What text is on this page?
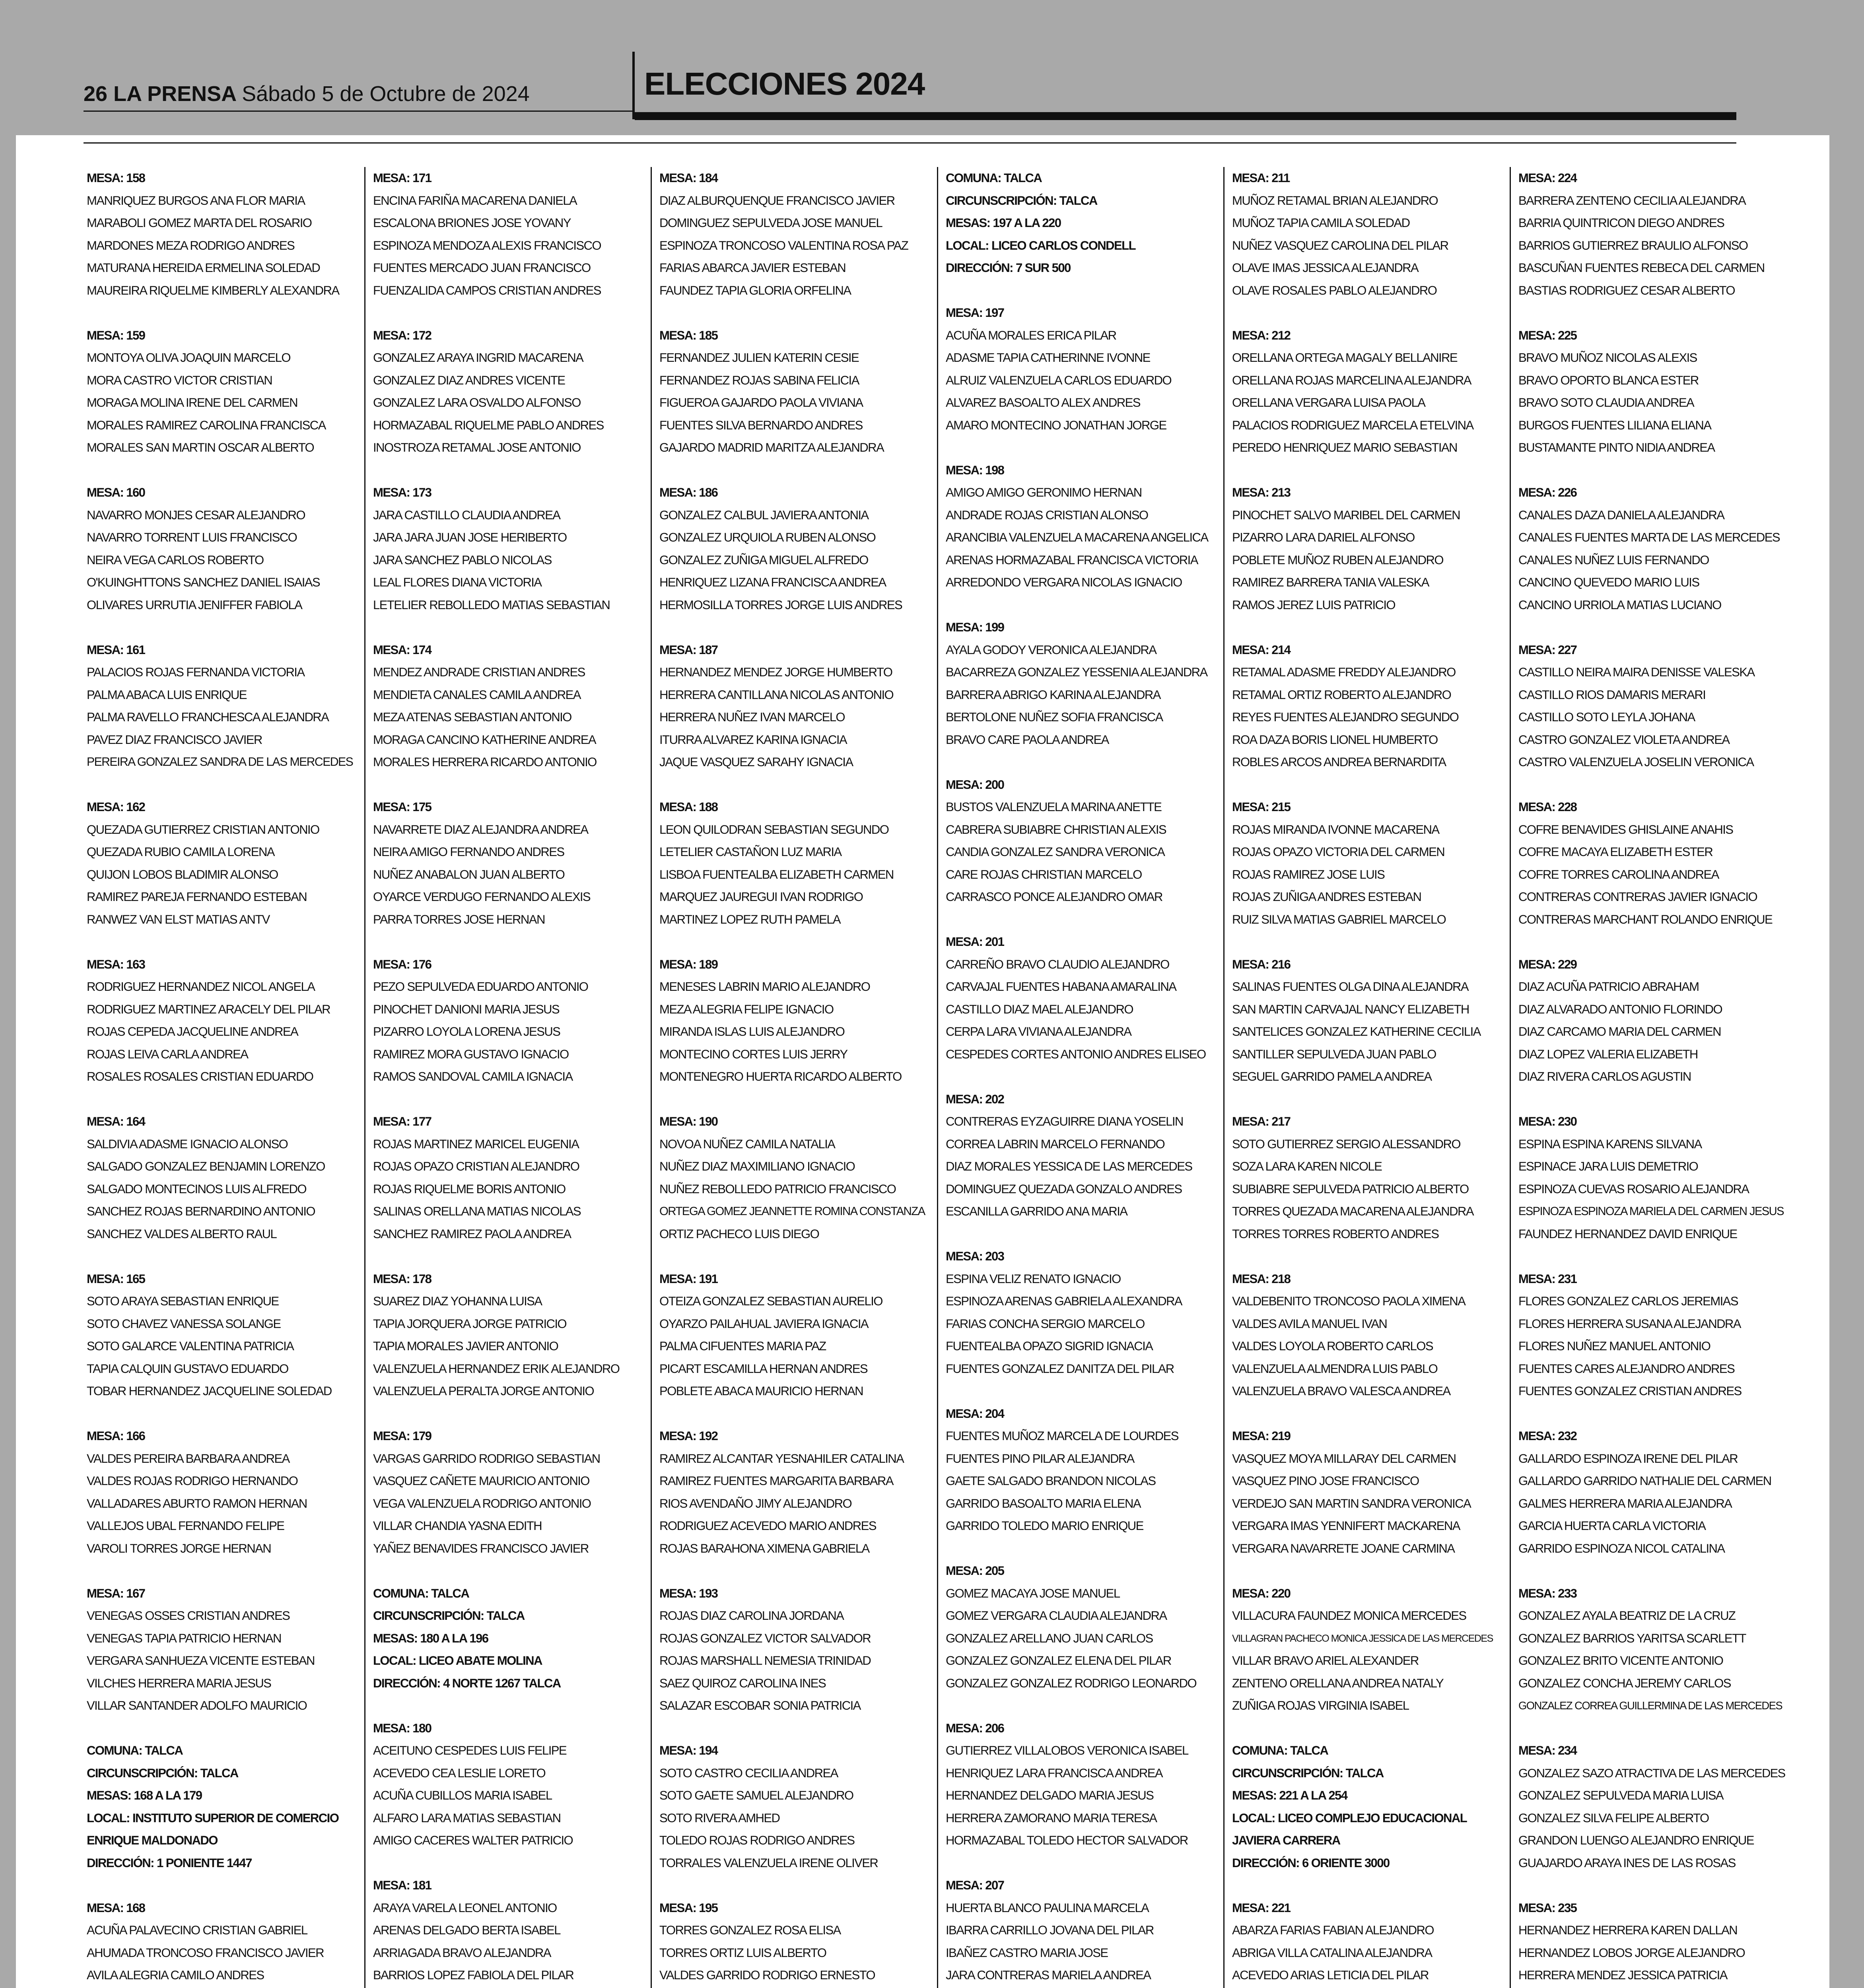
26 LA PRENSA Sábado 5 de Octubre de 2024	ELECCIONES 2024
MESA: 158
MANRIQUEZ BURGOS ANA FLOR MARIA
MARABOLI GOMEZ MARTA DEL ROSARIO
MARDONES MEZA RODRIGO ANDRES
MATURANA HEREIDA ERMELINA SOLEDAD
MAUREIRA RIQUELME KIMBERLY ALEXANDRA
MESA: 159
MONTOYA OLIVA JOAQUIN MARCELO
MORA CASTRO VICTOR CRISTIAN
MORAGA MOLINA IRENE DEL CARMEN
MORALES RAMIREZ CAROLINA FRANCISCA
MORALES SAN MARTIN OSCAR ALBERTO
MESA: 160
NAVARRO MONJES CESAR ALEJANDRO
NAVARRO TORRENT LUIS FRANCISCO
NEIRA VEGA CARLOS ROBERTO
O'KUINGHTTONS SANCHEZ DANIEL ISAIAS
OLIVARES URRUTIA JENIFFER FABIOLA
MESA: 161
PALACIOS ROJAS FERNANDA VICTORIA
PALMA ABACA LUIS ENRIQUE
PALMA RAVELLO FRANCHESCA ALEJANDRA
PAVEZ DIAZ FRANCISCO JAVIER
PEREIRA GONZALEZ SANDRA DE LAS MERCEDES
MESA: 162
QUEZADA GUTIERREZ CRISTIAN ANTONIO
QUEZADA RUBIO CAMILA LORENA
QUIJON LOBOS BLADIMIR ALONSO
RAMIREZ PAREJA FERNANDO ESTEBAN
RANWEZ VAN ELST MATIAS ANTV
MESA: 163
RODRIGUEZ HERNANDEZ NICOL ANGELA
RODRIGUEZ MARTINEZ ARACELY DEL PILAR
ROJAS CEPEDA JACQUELINE ANDREA
ROJAS LEIVA CARLA ANDREA
ROSALES ROSALES CRISTIAN EDUARDO
MESA: 164
SALDIVIA ADASME IGNACIO ALONSO
SALGADO GONZALEZ BENJAMIN LORENZO
SALGADO MONTECINOS LUIS ALFREDO
SANCHEZ ROJAS BERNARDINO ANTONIO
SANCHEZ VALDES ALBERTO RAUL
MESA: 165
SOTO ARAYA SEBASTIAN ENRIQUE
SOTO CHAVEZ VANESSA SOLANGE
SOTO GALARCE VALENTINA PATRICIA
TAPIA CALQUIN GUSTAVO EDUARDO
TOBAR HERNANDEZ JACQUELINE SOLEDAD
MESA: 166
VALDES PEREIRA BARBARA ANDREA
VALDES ROJAS RODRIGO HERNANDO
VALLADARES ABURTO RAMON HERNAN
VALLEJOS UBAL FERNANDO FELIPE
VAROLI TORRES JORGE HERNAN
MESA: 167
VENEGAS OSSES CRISTIAN ANDRES
VENEGAS TAPIA PATRICIO HERNAN
VERGARA SANHUEZA VICENTE ESTEBAN
VILCHES HERRERA MARIA JESUS
VILLAR SANTANDER ADOLFO MAURICIO
COMUNA: TALCA
CIRCUNSCRIPCIÓN: TALCA
MESAS: 168 A LA 179
LOCAL: INSTITUTO SUPERIOR DE COMERCIO
ENRIQUE MALDONADO
DIRECCIÓN: 1 PONIENTE 1447
MESA: 168
ACUÑA PALAVECINO CRISTIAN GABRIEL
AHUMADA TRONCOSO FRANCISCO JAVIER
AVILA ALEGRIA CAMILO ANDRES
MESA: 171
ENCINA FARIÑA MACARENA DANIELA
ESCALONA BRIONES JOSE YOVANY
ESPINOZA MENDOZA ALEXIS FRANCISCO
FUENTES MERCADO JUAN FRANCISCO
FUENZALIDA CAMPOS CRISTIAN ANDRES
MESA: 172
GONZALEZ ARAYA INGRID MACARENA
GONZALEZ DIAZ ANDRES VICENTE
GONZALEZ LARA OSVALDO ALFONSO
HORMAZABAL RIQUELME PABLO ANDRES
INOSTROZA RETAMAL JOSE ANTONIO
MESA: 173
JARA CASTILLO CLAUDIA ANDREA
JARA JARA JUAN JOSE HERIBERTO
JARA SANCHEZ PABLO NICOLAS
LEAL FLORES DIANA VICTORIA
LETELIER REBOLLEDO MATIAS SEBASTIAN
MESA: 174
MENDEZ ANDRADE CRISTIAN ANDRES
MENDIETA CANALES CAMILA ANDREA
MEZA ATENAS SEBASTIAN ANTONIO
MORAGA CANCINO KATHERINE ANDREA
MORALES HERRERA RICARDO ANTONIO
MESA: 175
NAVARRETE DIAZ ALEJANDRA ANDREA
NEIRA AMIGO FERNANDO ANDRES
NUÑEZ ANABALON JUAN ALBERTO
OYARCE VERDUGO FERNANDO ALEXIS
PARRA TORRES JOSE HERNAN
MESA: 176
PEZO SEPULVEDA EDUARDO ANTONIO
PINOCHET DANIONI MARIA JESUS
PIZARRO LOYOLA LORENA JESUS
RAMIREZ MORA GUSTAVO IGNACIO
RAMOS SANDOVAL CAMILA IGNACIA
MESA: 177
ROJAS MARTINEZ MARICEL EUGENIA
ROJAS OPAZO CRISTIAN ALEJANDRO
ROJAS RIQUELME BORIS ANTONIO
SALINAS ORELLANA MATIAS NICOLAS
SANCHEZ RAMIREZ PAOLA ANDREA
MESA: 178
SUAREZ DIAZ YOHANNA LUISA
TAPIA JORQUERA JORGE PATRICIO
TAPIA MORALES JAVIER ANTONIO
VALENZUELA HERNANDEZ ERIK ALEJANDRO
VALENZUELA PERALTA JORGE ANTONIO
MESA: 179
VARGAS GARRIDO RODRIGO SEBASTIAN
VASQUEZ CAÑETE MAURICIO ANTONIO
VEGA VALENZUELA RODRIGO ANTONIO
VILLAR CHANDIA YASNA EDITH
YAÑEZ BENAVIDES FRANCISCO JAVIER
COMUNA: TALCA
CIRCUNSCRIPCIÓN: TALCA
MESAS: 180 A LA 196
LOCAL: LICEO ABATE MOLINA
DIRECCIÓN: 4 NORTE 1267 TALCA
MESA: 180
ACEITUNO CESPEDES LUIS FELIPE
ACEVEDO CEA LESLIE LORETO
ACUÑA CUBILLOS MARIA ISABEL
ALFARO LARA MATIAS SEBASTIAN
AMIGO CACERES WALTER PATRICIO
MESA: 181
ARAYA VARELA LEONEL ANTONIO
ARENAS DELGADO BERTA ISABEL
ARRIAGADA BRAVO ALEJANDRA
BARRIOS LOPEZ FABIOLA DEL PILAR
MESA: 184
DIAZ ALBURQUENQUE FRANCISCO JAVIER
DOMINGUEZ SEPULVEDA JOSE MANUEL
ESPINOZA TRONCOSO VALENTINA ROSA PAZ
FARIAS ABARCA JAVIER ESTEBAN
FAUNDEZ TAPIA GLORIA ORFELINA
MESA: 185
FERNANDEZ JULIEN KATERIN CESIE
FERNANDEZ ROJAS SABINA FELICIA
FIGUEROA GAJARDO PAOLA VIVIANA
FUENTES SILVA BERNARDO ANDRES
GAJARDO MADRID MARITZA ALEJANDRA
MESA: 186
GONZALEZ CALBUL JAVIERA ANTONIA
GONZALEZ URQUIOLA RUBEN ALONSO
GONZALEZ ZUÑIGA MIGUEL ALFREDO
HENRIQUEZ LIZANA FRANCISCA ANDREA
HERMOSILLA TORRES JORGE LUIS ANDRES
MESA: 187
HERNANDEZ MENDEZ JORGE HUMBERTO
HERRERA CANTILLANA NICOLAS ANTONIO
HERRERA NUÑEZ IVAN MARCELO
ITURRA ALVAREZ KARINA IGNACIA
JAQUE VASQUEZ SARAHY IGNACIA
MESA: 188
LEON QUILODRAN SEBASTIAN SEGUNDO
LETELIER CASTAÑON LUZ MARIA
LISBOA FUENTEALBA ELIZABETH CARMEN
MARQUEZ JAUREGUI IVAN RODRIGO
MARTINEZ LOPEZ RUTH PAMELA
MESA: 189
MENESES LABRIN MARIO ALEJANDRO
MEZA ALEGRIA FELIPE IGNACIO
MIRANDA ISLAS LUIS ALEJANDRO
MONTECINO CORTES LUIS JERRY
MONTENEGRO HUERTA RICARDO ALBERTO
MESA: 190
NOVOA NUÑEZ CAMILA NATALIA
NUÑEZ DIAZ MAXIMILIANO IGNACIO
NUÑEZ REBOLLEDO PATRICIO FRANCISCO
ORTEGA GOMEZ JEANNETTE ROMINA CONSTANZA
ORTIZ PACHECO LUIS DIEGO
MESA: 191
OTEIZA GONZALEZ SEBASTIAN AURELIO
OYARZO PAILAHUAL JAVIERA IGNACIA
PALMA CIFUENTES MARIA PAZ
PICART ESCAMILLA HERNAN ANDRES
POBLETE ABACA MAURICIO HERNAN
MESA: 192
RAMIREZ ALCANTAR YESNAHILER CATALINA
RAMIREZ FUENTES MARGARITA BARBARA
RIOS AVENDAÑO JIMY ALEJANDRO
RODRIGUEZ ACEVEDO MARIO ANDRES
ROJAS BARAHONA XIMENA GABRIELA
MESA: 193
ROJAS DIAZ CAROLINA JORDANA
ROJAS GONZALEZ VICTOR SALVADOR
ROJAS MARSHALL NEMESIA TRINIDAD
SAEZ QUIROZ CAROLINA INES
SALAZAR ESCOBAR SONIA PATRICIA
MESA: 194
SOTO CASTRO CECILIA ANDREA
SOTO GAETE SAMUEL ALEJANDRO
SOTO RIVERA AMHED
TOLEDO ROJAS RODRIGO ANDRES
TORRALES VALENZUELA IRENE OLIVER
MESA: 195
TORRES GONZALEZ ROSA ELISA
TORRES ORTIZ LUIS ALBERTO
VALDES GARRIDO RODRIGO ERNESTO
COMUNA: TALCA
CIRCUNSCRIPCIÓN: TALCA
MESAS: 197 A LA 220
LOCAL: LICEO CARLOS CONDELL
DIRECCIÓN: 7 SUR 500
MESA: 197
ACUÑA MORALES ERICA PILAR
ADASME TAPIA CATHERINNE IVONNE
ALRUIZ VALENZUELA CARLOS EDUARDO
ALVAREZ BASOALTO ALEX ANDRES
AMARO MONTECINO JONATHAN JORGE
MESA: 198
AMIGO AMIGO GERONIMO HERNAN
ANDRADE ROJAS CRISTIAN ALONSO
ARANCIBIA VALENZUELA MACARENA ANGELICA
ARENAS HORMAZABAL FRANCISCA VICTORIA
ARREDONDO VERGARA NICOLAS IGNACIO
MESA: 199
AYALA GODOY VERONICA ALEJANDRA
BACARREZA GONZALEZ YESSENIA ALEJANDRA
BARRERA ABRIGO KARINA ALEJANDRA
BERTOLONE NUÑEZ SOFIA FRANCISCA
BRAVO CARE PAOLA ANDREA
MESA: 200
BUSTOS VALENZUELA MARINA ANETTE
CABRERA SUBIABRE CHRISTIAN ALEXIS
CANDIA GONZALEZ SANDRA VERONICA
CARE ROJAS CHRISTIAN MARCELO
CARRASCO PONCE ALEJANDRO OMAR
MESA: 201
CARREÑO BRAVO CLAUDIO ALEJANDRO
CARVAJAL FUENTES HABANA AMARALINA
CASTILLO DIAZ MAEL ALEJANDRO
CERPA LARA VIVIANA ALEJANDRA
CESPEDES CORTES ANTONIO ANDRES ELISEO
MESA: 202
CONTRERAS EYZAGUIRRE DIANA YOSELIN
CORREA LABRIN MARCELO FERNANDO
DIAZ MORALES YESSICA DE LAS MERCEDES
DOMINGUEZ QUEZADA GONZALO ANDRES
ESCANILLA GARRIDO ANA MARIA
MESA: 203
ESPINA VELIZ RENATO IGNACIO
ESPINOZA ARENAS GABRIELA ALEXANDRA
FARIAS CONCHA SERGIO MARCELO
FUENTEALBA OPAZO SIGRID IGNACIA
FUENTES GONZALEZ DANITZA DEL PILAR
MESA: 204
FUENTES MUÑOZ MARCELA DE LOURDES
FUENTES PINO PILAR ALEJANDRA
GAETE SALGADO BRANDON NICOLAS
GARRIDO BASOALTO MARIA ELENA
GARRIDO TOLEDO MARIO ENRIQUE
MESA: 205
GOMEZ MACAYA JOSE MANUEL
GOMEZ VERGARA CLAUDIA ALEJANDRA
GONZALEZ ARELLANO JUAN CARLOS
GONZALEZ GONZALEZ ELENA DEL PILAR
GONZALEZ GONZALEZ RODRIGO LEONARDO
MESA: 206
GUTIERREZ VILLALOBOS VERONICA ISABEL
HENRIQUEZ LARA FRANCISCA ANDREA
HERNANDEZ DELGADO MARIA JESUS
HERRERA ZAMORANO MARIA TERESA
HORMAZABAL TOLEDO HECTOR SALVADOR
MESA: 207
HUERTA BLANCO PAULINA MARCELA
IBARRA CARRILLO JOVANA DEL PILAR
IBAÑEZ CASTRO MARIA JOSE
JARA CONTRERAS MARIELA ANDREA
MESA: 211
MUÑOZ RETAMAL BRIAN ALEJANDRO
MUÑOZ TAPIA CAMILA SOLEDAD
NUÑEZ VASQUEZ CAROLINA DEL PILAR
OLAVE IMAS JESSICA ALEJANDRA
OLAVE ROSALES PABLO ALEJANDRO
MESA: 212
ORELLANA ORTEGA MAGALY BELLANIRE
ORELLANA ROJAS MARCELINA ALEJANDRA
ORELLANA VERGARA LUISA PAOLA
PALACIOS RODRIGUEZ MARCELA ETELVINA
PEREDO HENRIQUEZ MARIO SEBASTIAN
MESA: 213
PINOCHET SALVO MARIBEL DEL CARMEN
PIZARRO LARA DARIEL ALFONSO
POBLETE MUÑOZ RUBEN ALEJANDRO
RAMIREZ BARRERA TANIA VALESKA
RAMOS JEREZ LUIS PATRICIO
MESA: 214
RETAMAL ADASME FREDDY ALEJANDRO
RETAMAL ORTIZ ROBERTO ALEJANDRO
REYES FUENTES ALEJANDRO SEGUNDO
ROA DAZA BORIS LIONEL HUMBERTO
ROBLES ARCOS ANDREA BERNARDITA
MESA: 215
ROJAS MIRANDA IVONNE MACARENA
ROJAS OPAZO VICTORIA DEL CARMEN
ROJAS RAMIREZ JOSE LUIS
ROJAS ZUÑIGA ANDRES ESTEBAN
RUIZ SILVA MATIAS GABRIEL MARCELO
MESA: 216
SALINAS FUENTES OLGA DINA ALEJANDRA
SAN MARTIN CARVAJAL NANCY ELIZABETH
SANTELICES GONZALEZ KATHERINE CECILIA
SANTILLER SEPULVEDA JUAN PABLO
SEGUEL GARRIDO PAMELA ANDREA
MESA: 217
SOTO GUTIERREZ SERGIO ALESSANDRO
SOZA LARA KAREN NICOLE
SUBIABRE SEPULVEDA PATRICIO ALBERTO
TORRES QUEZADA MACARENA ALEJANDRA
TORRES TORRES ROBERTO ANDRES
MESA: 218
VALDEBENITO TRONCOSO PAOLA XIMENA
VALDES AVILA MANUEL IVAN
VALDES LOYOLA ROBERTO CARLOS
VALENZUELA ALMENDRA LUIS PABLO
VALENZUELA BRAVO VALESCA ANDREA
MESA: 219
VASQUEZ MOYA MILLARAY DEL CARMEN
VASQUEZ PINO JOSE FRANCISCO
VERDEJO SAN MARTIN SANDRA VERONICA
VERGARA IMAS YENNIFERT MACKARENA
VERGARA NAVARRETE JOANE CARMINA
MESA: 220
VILLACURA FAUNDEZ MONICA MERCEDES
VILLAGRAN PACHECO MONICA JESSICA DE LAS MERCEDES
VILLAR BRAVO ARIEL ALEXANDER
ZENTENO ORELLANA ANDREA NATALY
ZUÑIGA ROJAS VIRGINIA ISABEL
COMUNA: TALCA
CIRCUNSCRIPCIÓN: TALCA
MESAS: 221 A LA 254
LOCAL: LICEO COMPLEJO EDUCACIONAL
JAVIERA CARRERA
DIRECCIÓN: 6 ORIENTE 3000
MESA: 221
ABARZA FARIAS FABIAN ALEJANDRO
ABRIGA VILLA CATALINA ALEJANDRA
ACEVEDO ARIAS LETICIA DEL PILAR
MESA: 224
BARRERA ZENTENO CECILIA ALEJANDRA
BARRIA QUINTRICON DIEGO ANDRES
BARRIOS GUTIERREZ BRAULIO ALFONSO
BASCUÑAN FUENTES REBECA DEL CARMEN
BASTIAS RODRIGUEZ CESAR ALBERTO
MESA: 225
BRAVO MUÑOZ NICOLAS ALEXIS
BRAVO OPORTO BLANCA ESTER
BRAVO SOTO CLAUDIA ANDREA
BURGOS FUENTES LILIANA ELIANA
BUSTAMANTE PINTO NIDIA ANDREA
MESA: 226
CANALES DAZA DANIELA ALEJANDRA
CANALES FUENTES MARTA DE LAS MERCEDES
CANALES NUÑEZ LUIS FERNANDO
CANCINO QUEVEDO MARIO LUIS
CANCINO URRIOLA MATIAS LUCIANO
MESA: 227
CASTILLO NEIRA MAIRA DENISSE VALESKA
CASTILLO RIOS DAMARIS MERARI
CASTILLO SOTO LEYLA JOHANA
CASTRO GONZALEZ VIOLETA ANDREA
CASTRO VALENZUELA JOSELIN VERONICA
MESA: 228
COFRE BENAVIDES GHISLAINE ANAHIS
COFRE MACAYA ELIZABETH ESTER
COFRE TORRES CAROLINA ANDREA
CONTRERAS CONTRERAS JAVIER IGNACIO
CONTRERAS MARCHANT ROLANDO ENRIQUE
MESA: 229
DIAZ ACUÑA PATRICIO ABRAHAM
DIAZ ALVARADO ANTONIO FLORINDO
DIAZ CARCAMO MARIA DEL CARMEN
DIAZ LOPEZ VALERIA ELIZABETH
DIAZ RIVERA CARLOS AGUSTIN
MESA: 230
ESPINA ESPINA KARENS SILVANA
ESPINACE JARA LUIS DEMETRIO
ESPINOZA CUEVAS ROSARIO ALEJANDRA
ESPINOZA ESPINOZA MARIELA DEL CARMEN JESUS
FAUNDEZ HERNANDEZ DAVID ENRIQUE
MESA: 231
FLORES GONZALEZ CARLOS JEREMIAS
FLORES HERRERA SUSANA ALEJANDRA
FLORES NUÑEZ MANUEL ANTONIO
FUENTES CARES ALEJANDRO ANDRES
FUENTES GONZALEZ CRISTIAN ANDRES
MESA: 232
GALLARDO ESPINOZA IRENE DEL PILAR
GALLARDO GARRIDO NATHALIE DEL CARMEN
GALMES HERRERA MARIA ALEJANDRA
GARCIA HUERTA CARLA VICTORIA
GARRIDO ESPINOZA NICOL CATALINA
MESA: 233
GONZALEZ AYALA BEATRIZ DE LA CRUZ
GONZALEZ BARRIOS YARITSA SCARLETT
GONZALEZ BRITO VICENTE ANTONIO
GONZALEZ CONCHA JEREMY CARLOS
GONZALEZ CORREA GUILLERMINA DE LAS MERCEDES
MESA: 234
GONZALEZ SAZO ATRACTIVA DE LAS MERCEDES
GONZALEZ SEPULVEDA MARIA LUISA
GONZALEZ SILVA FELIPE ALBERTO
GRANDON LUENGO ALEJANDRO ENRIQUE
GUAJARDO ARAYA INES DE LAS ROSAS
MESA: 235
HERNANDEZ HERRERA KAREN DALLAN
HERNANDEZ LOBOS JORGE ALEJANDRO
HERRERA MENDEZ JESSICA PATRICIA
